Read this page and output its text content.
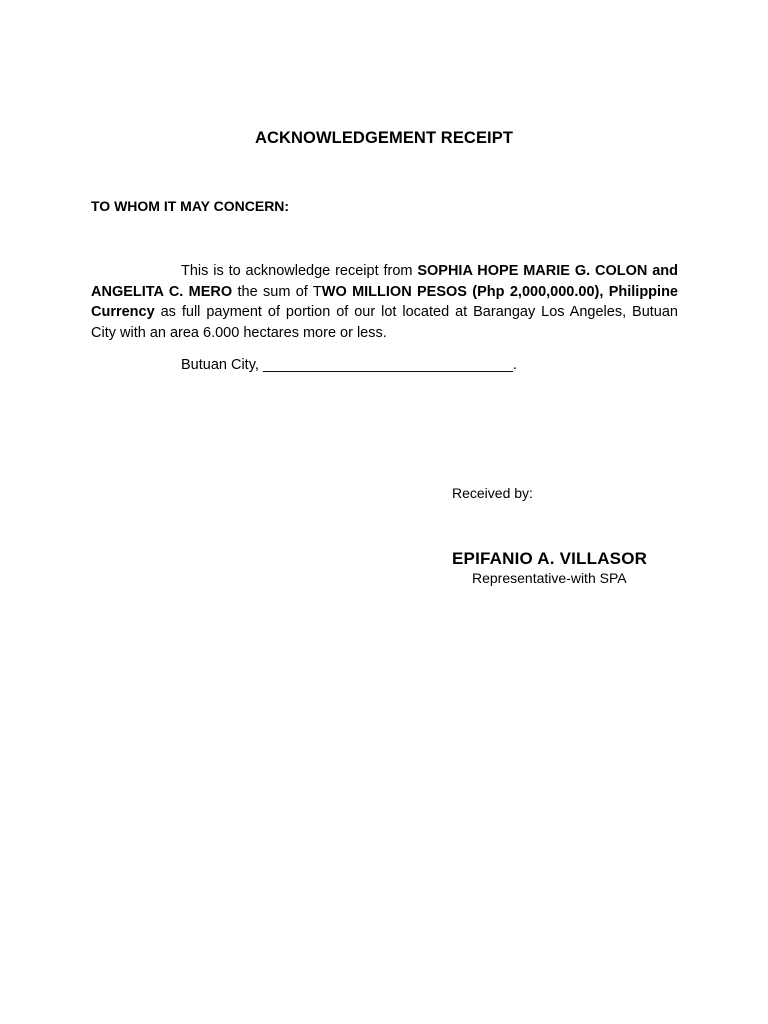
ACKNOWLEDGEMENT RECEIPT
TO WHOM IT MAY CONCERN:

This is to acknowledge receipt from SOPHIA HOPE MARIE G. COLON and ANGELITA C. MERO the sum of TWO MILLION PESOS (Php 2,000,000.00), Philippine Currency as full payment of portion of our lot located at Barangay Los Angeles, Butuan City with an area 6.000 hectares more or less.

Butuan City, _______________________________.
Received by:
EPIFANIO A. VILLASOR
Representative-with SPA
